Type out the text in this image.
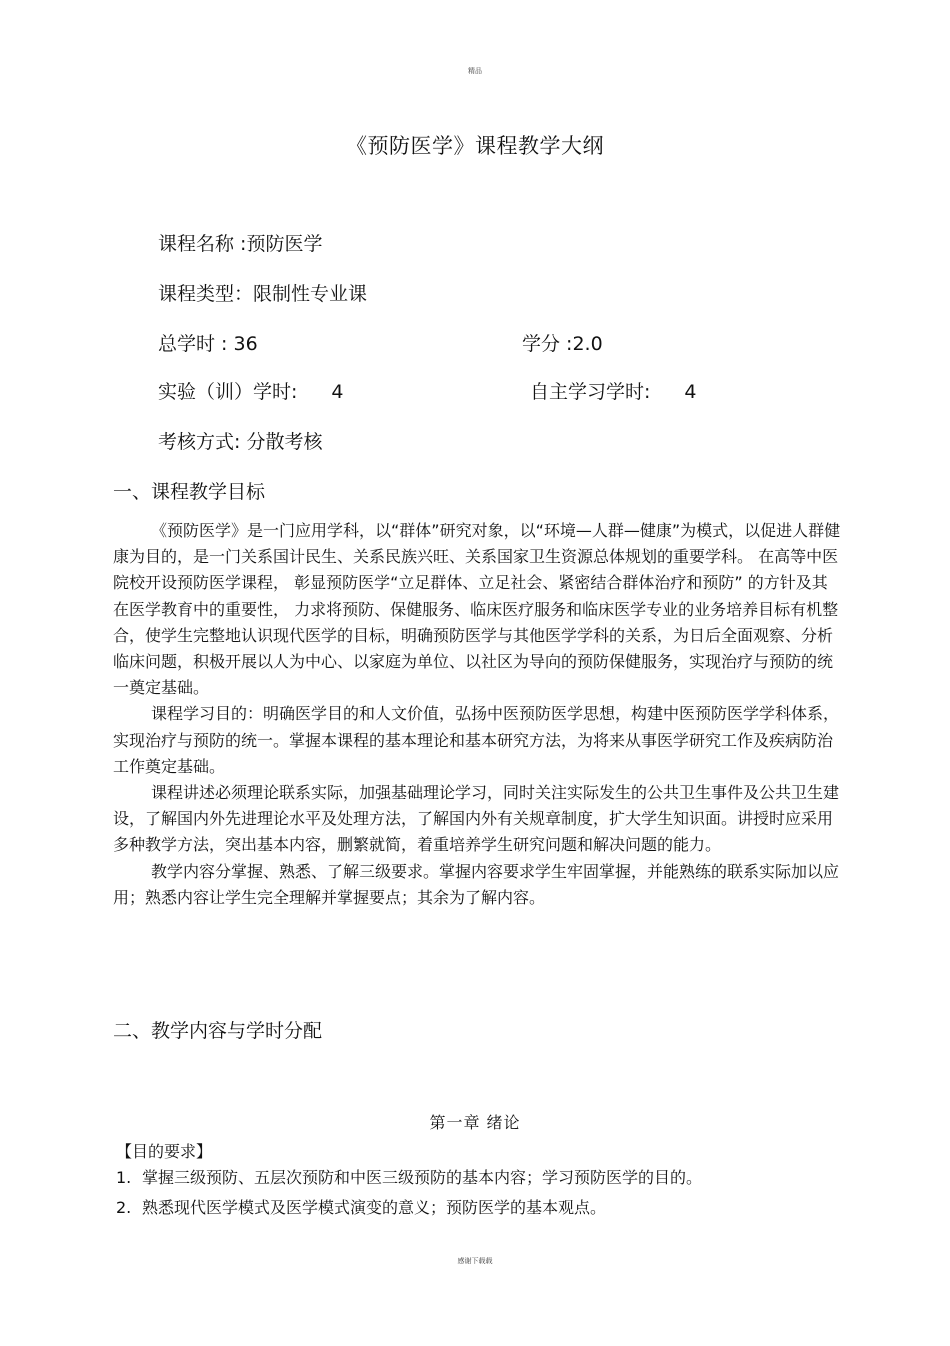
精品
《预防医学》课程教学大纲
课程名称 :预防医学
课程类型：限制性专业课
总学时 : 36	学分 :2.0
实验（训）学时: 4	自主学习学时: 4
考核方式: 分散考核
一、课程教学目标

《预防医学》是一门应用学科，以“群体”研究对象，以“环境—人群—健康”为模式，以促进人群健康为目的，是一门关系国计民生、关系民族兴旺、关系国家卫生资源总体规划的重要学科。 在高等中医院校开设预防医学课程， 彰显预防医学“立足群体、立足社会、紧密结合群体治疗和预防” 的方针及其在医学教育中的重要性， 力求将预防、保健服务、临床医疗服务和临床医学专业的业务培养目标有机整合，使学生完整地认识现代医学的目标，明确预防医学与其他医学学科的关系，为日后全面观察、分析临床问题，积极开展以人为中心、以家庭为单位、以社区为导向的预防保健服务，实现治疗与预防的统一奠定基础。

课程学习目的：明确医学目的和人文价值，弘扬中医预防医学思想，构建中医预防医学学科体系，实现治疗与预防的统一。掌握本课程的基本理论和基本研究方法，为将来从事医学研究工作及疾病防治工作奠定基础。

课程讲述必须理论联系实际，加强基础理论学习，同时关注实际发生的公共卫生事件及公共卫生建设，了解国内外先进理论水平及处理方法，了解国内外有关规章制度，扩大学生知识面。讲授时应采用多种教学方法，突出基本内容，删繁就简，着重培养学生研究问题和解决问题的能力。

教学内容分掌握、熟悉、了解三级要求。掌握内容要求学生牢固掌握，并能熟练的联系实际加以应用；熟悉内容让学生完全理解并掌握要点；其余为了解内容。

二、教学内容与学时分配
第一章 绪论
【目的要求】
1. 掌握三级预防、五层次预防和中医三级预防的基本内容；学习预防医学的目的。
2. 熟悉现代医学模式及医学模式演变的意义；预防医学的基本观点。
感谢下载载
